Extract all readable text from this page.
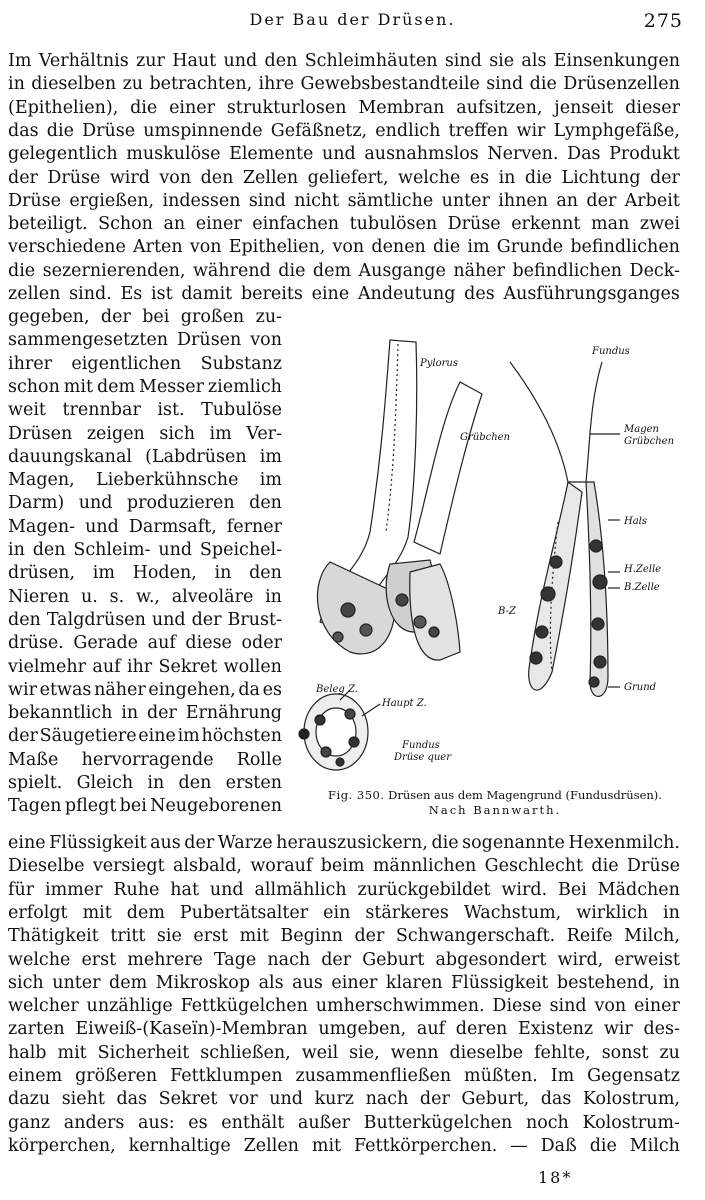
Der Bau der Drüsen.	275
Im Verhältnis zur Haut und den Schleimhäuten sind sie als Einsenkungen
in dieselben zu betrachten, ihre Gewebsbestandteile sind die Drüsenzellen
(Epithelien), die einer strukturlosen Membran aufsitzen, jenseit dieser
das die Drüse umspinnende Gefäßnetz, endlich treffen wir Lymphgefäße,
gelegentlich muskulöse Elemente und ausnahmslos Nerven. Das Produkt
der Drüse wird von den Zellen geliefert, welche es in die Lichtung der
Drüse ergießen, indessen sind nicht sämtliche unter ihnen an der Arbeit
beteiligt. Schon an einer einfachen tubulösen Drüse erkennt man zwei
verschiedene Arten von Epithelien, von denen die im Grunde befindlichen
die sezernierenden, während die dem Ausgange näher befindlichen Deck-
zellen sind. Es ist damit bereits eine Andeutung des Ausführungsganges
gegeben, der bei großen zu-
sammengesetzten Drüsen von
ihrer eigentlichen Substanz
schon mit dem Messer ziemlich
weit trennbar ist. Tubulöse
Drüsen zeigen sich im Ver-
dauungskanal (Labdrüsen im
Magen, Lieberkühnsche im
Darm) und produzieren den
Magen- und Darmsaft, ferner
in den Schleim- und Speichel-
drüsen, im Hoden, in den
Nieren u. s. w., alveoläre in
den Talgdrüsen und der Brust-
drüse. Gerade auf diese oder
vielmehr auf ihr Sekret wollen
wir etwas näher eingehen, da es
bekanntlich in der Ernährung
der Säugetiere eine im höchsten
Maße hervorragende Rolle
spielt. Gleich in den ersten
Tagen pflegt bei Neugeborenen
eine Flüssigkeit aus der Warze herauszusickern, die sogenannte Hexenmilch.
Dieselbe versiegt alsbald, worauf beim männlichen Geschlecht die Drüse
für immer Ruhe hat und allmählich zurückgebildet wird. Bei Mädchen
erfolgt mit dem Pubertätsalter ein stärkeres Wachstum, wirklich in
Thätigkeit tritt sie erst mit Beginn der Schwangerschaft. Reife Milch,
welche erst mehrere Tage nach der Geburt abgesondert wird, erweist
sich unter dem Mikroskop als aus einer klaren Flüssigkeit bestehend, in
welcher unzählige Fettkügelchen umherschwimmen. Diese sind von einer
zarten Eiweiß-(Kaseïn)-Membran umgeben, auf deren Existenz wir des-
halb mit Sicherheit schließen, weil sie, wenn dieselbe fehlte, sonst zu
einem größeren Fettklumpen zusammenfließen müßten. Im Gegensatz
dazu sieht das Sekret vor und kurz nach der Geburt, das Kolostrum,
ganz anders aus: es enthält außer Butterkügelchen noch Kolostrum-
körperchen, kernhaltige Zellen mit Fettkörperchen. — Daß die Milch
Pylorus
Fundus
Grübchen
Magen
Grübchen
Hals
H.Zelle
B.Zelle
B-Z
Grund
Beleg Z.
Haupt Z.
Fundus
Drüse quer
Fig. 350. Drüsen aus dem Magengrund (Fundusdrüsen).
Nach Bannwarth.
18*
